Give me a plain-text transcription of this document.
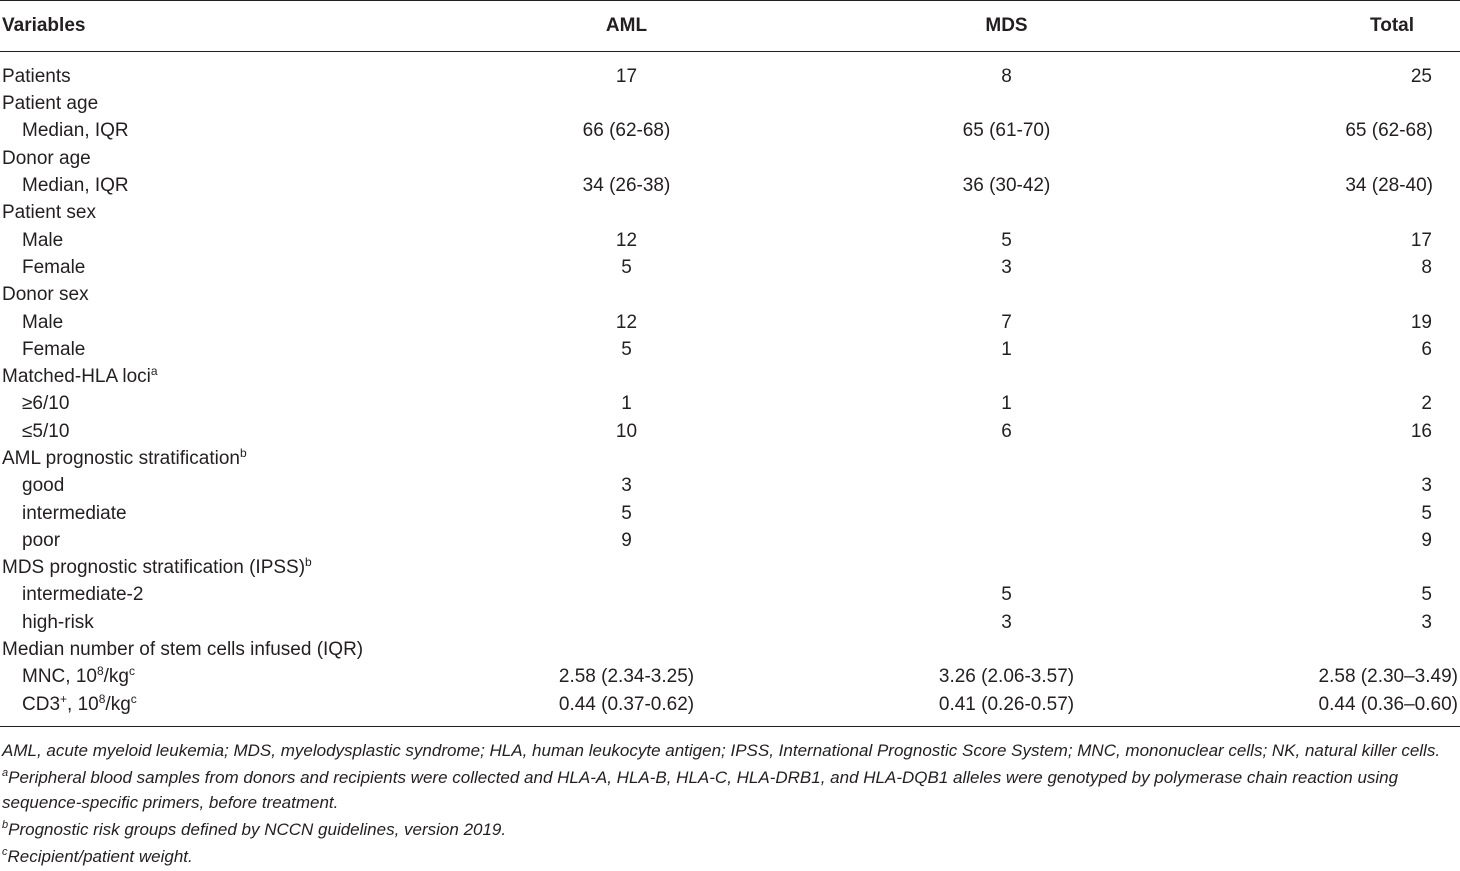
Variables	AML	MDS	Total
Patients	17	8	25
Patient age			
Median, IQR	66 (62-68)	65 (61-70)	65 (62-68)
Donor age			
Median, IQR	34 (26-38)	36 (30-42)	34 (28-40)
Patient sex			
Male	12	5	17
Female	5	3	8
Donor sex			
Male	12	7	19
Female	5	1	6
Matched-HLA loci$^a$			
≥6/10	1	1	2
≤5/10	10	6	16
AML prognostic stratification$^b$			
good	3		3
intermediate	5		5
poor	9		9
MDS prognostic stratification (IPSS)$^b$			
intermediate-2		5	5
high-risk		3	3
Median number of stem cells infused (IQR)			
MNC, $10^8/kg^c$	2.58 (2.34-3.25)	3.26 (2.06-3.57)	2.58 (2.30–3.49)
CD3+, $10^8/kg^c$	0.44 (0.37-0.62)	0.41 (0.26-0.57)	0.44 (0.36–0.60)

AML, acute myeloid leukemia; MDS, myelodysplastic syndrome; HLA, human leukocyte antigen; IPSS, International Prognostic Score System; MNC, mononuclear cells; NK, natural killer cells.

$^a$Peripheral blood samples from donors and recipients were collected and HLA-A, HLA-B, HLA-C, HLA-DRB1, and HLA-DQB1 alleles were genotyped by polymerase chain reaction using sequence-specific primers, before treatment.

$^b$Prognostic risk groups defined by NCCN guidelines, version 2019.

$^c$Recipient/patient weight.
